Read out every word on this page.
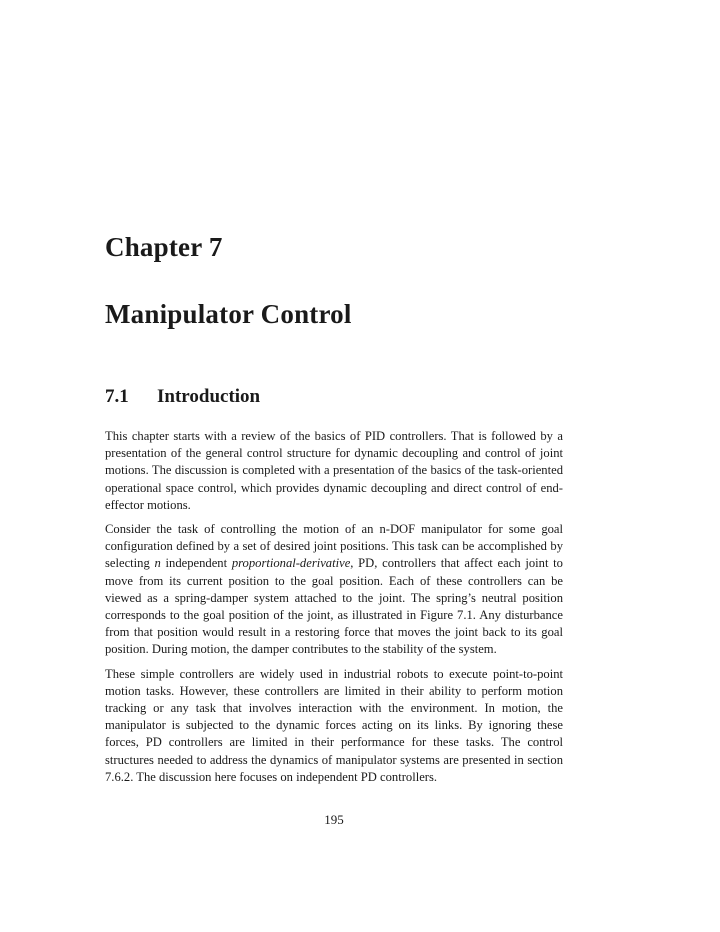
Chapter 7
Manipulator Control
7.1 Introduction

This chapter starts with a review of the basics of PID controllers. That is followed by a presentation of the general control structure for dynamic decoupling and control of joint motions. The discussion is completed with a presentation of the basics of the task-oriented operational space control, which provides dynamic decoupling and direct control of end-effector motions.

Consider the task of controlling the motion of an n-DOF manipulator for some goal configuration defined by a set of desired joint positions. This task can be accomplished by selecting n independent proportional-derivative, PD, controllers that affect each joint to move from its current position to the goal position. Each of these controllers can be viewed as a spring-damper system attached to the joint. The spring’s neutral position corresponds to the goal position of the joint, as illustrated in Figure 7.1. Any disturbance from that position would result in a restoring force that moves the joint back to its goal position. During motion, the damper contributes to the stability of the system.

These simple controllers are widely used in industrial robots to execute point-to-point motion tasks. However, these controllers are limited in their ability to perform motion tracking or any task that involves interaction with the environment. In motion, the manipulator is subjected to the dynamic forces acting on its links. By ignoring these forces, PD controllers are limited in their performance for these tasks. The control structures needed to address the dynamics of manipulator systems are presented in section 7.6.2. The discussion here focuses on independent PD controllers.

195
